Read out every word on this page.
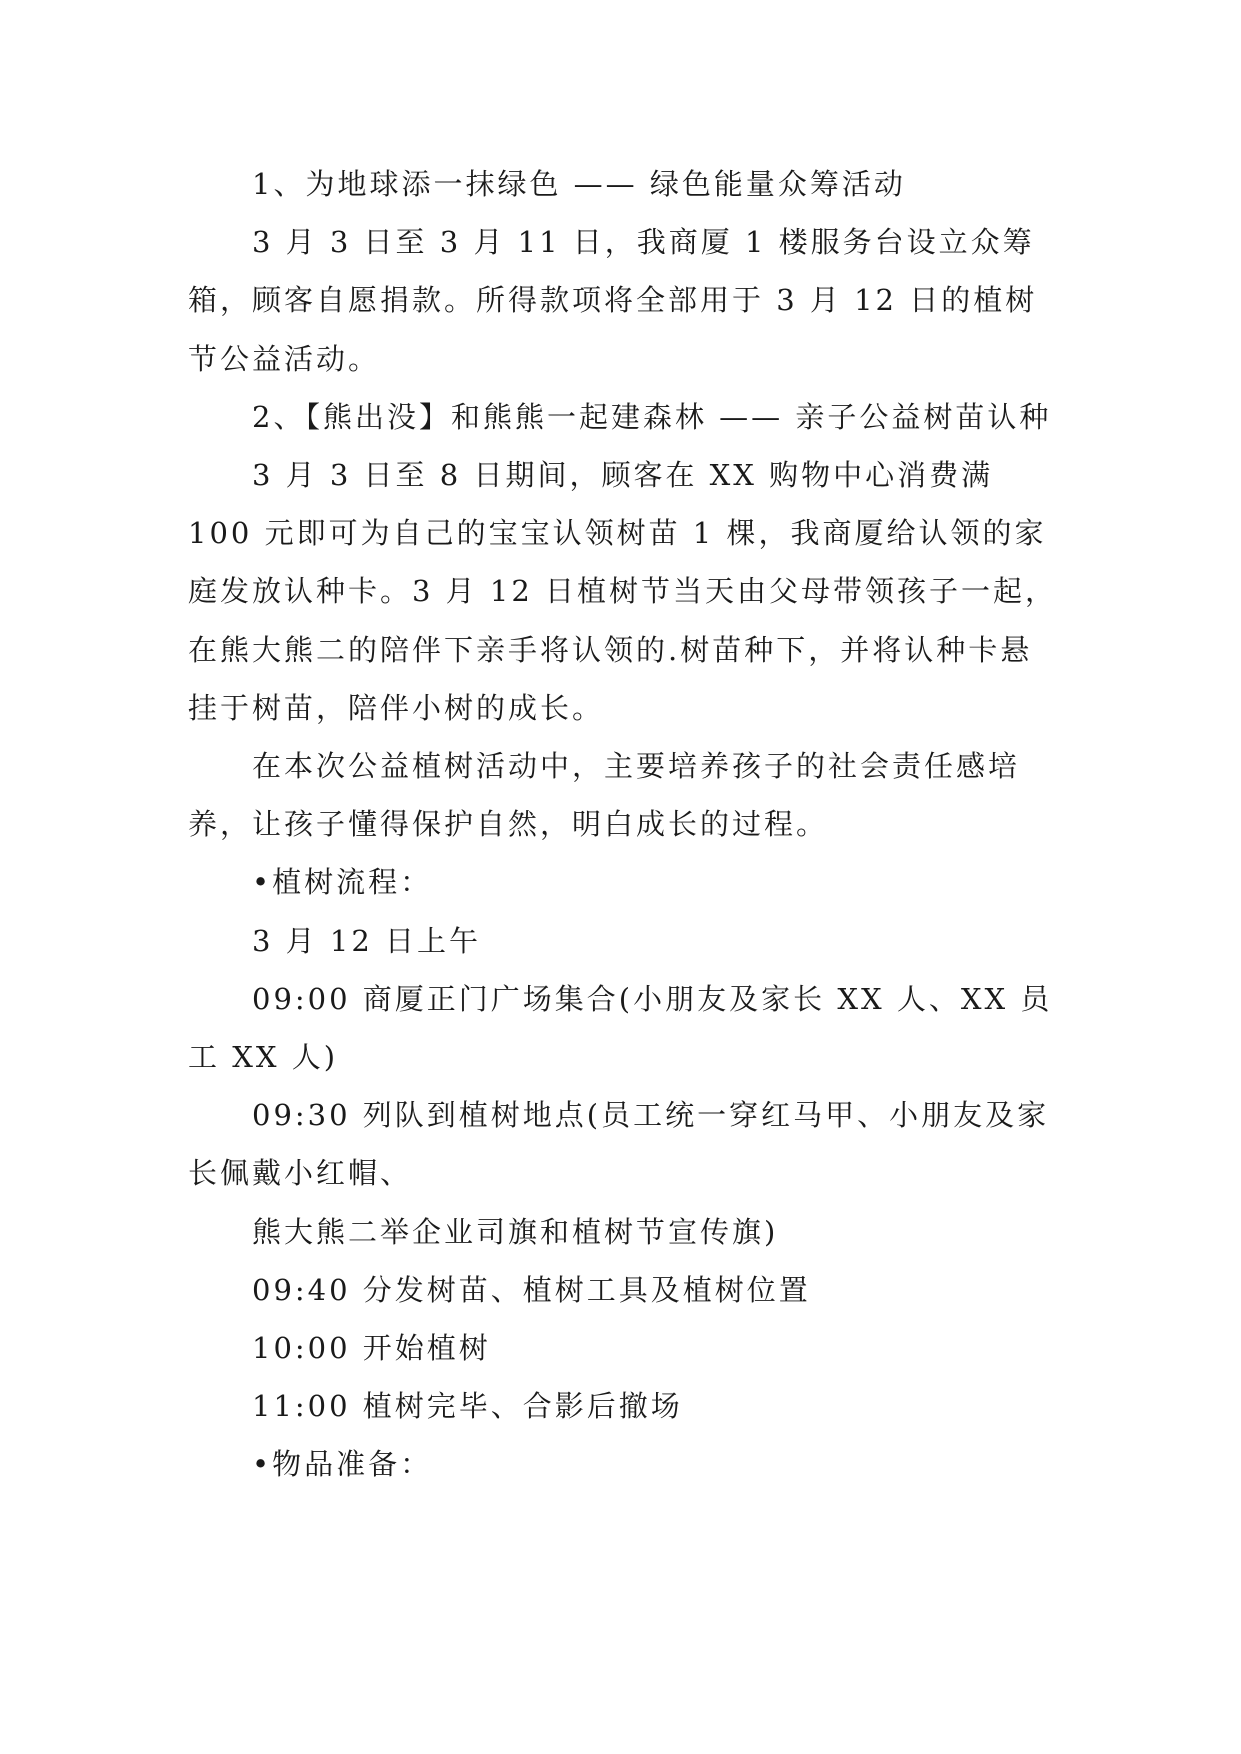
1、为地球添一抹绿色 —— 绿色能量众筹活动

3 月 3 日至 3 月 11 日，我商厦 1 楼服务台设立众筹箱，顾客自愿捐款。所得款项将全部用于 3 月 12 日的植树节公益活动。

2、【熊出没】和熊熊一起建森林 —— 亲子公益树苗认种

3 月 3 日至 8 日期间，顾客在 XX 购物中心消费满 100 元即可为自己的宝宝认领树苗 1 棵，我商厦给认领的家庭发放认种卡。3 月 12 日植树节当天由父母带领孩子一起，在熊大熊二的陪伴下亲手将认领的.树苗种下，并将认种卡悬挂于树苗，陪伴小树的成长。

在本次公益植树活动中，主要培养孩子的社会责任感培养，让孩子懂得保护自然，明白成长的过程。

•植树流程：

3 月 12 日上午

09:00 商厦正门广场集合(小朋友及家长 XX 人、XX 员工 XX 人)

09:30 列队到植树地点(员工统一穿红马甲、小朋友及家长佩戴小红帽、

熊大熊二举企业司旗和植树节宣传旗)

09:40 分发树苗、植树工具及植树位置

10:00 开始植树

11:00 植树完毕、合影后撤场

•物品准备：
